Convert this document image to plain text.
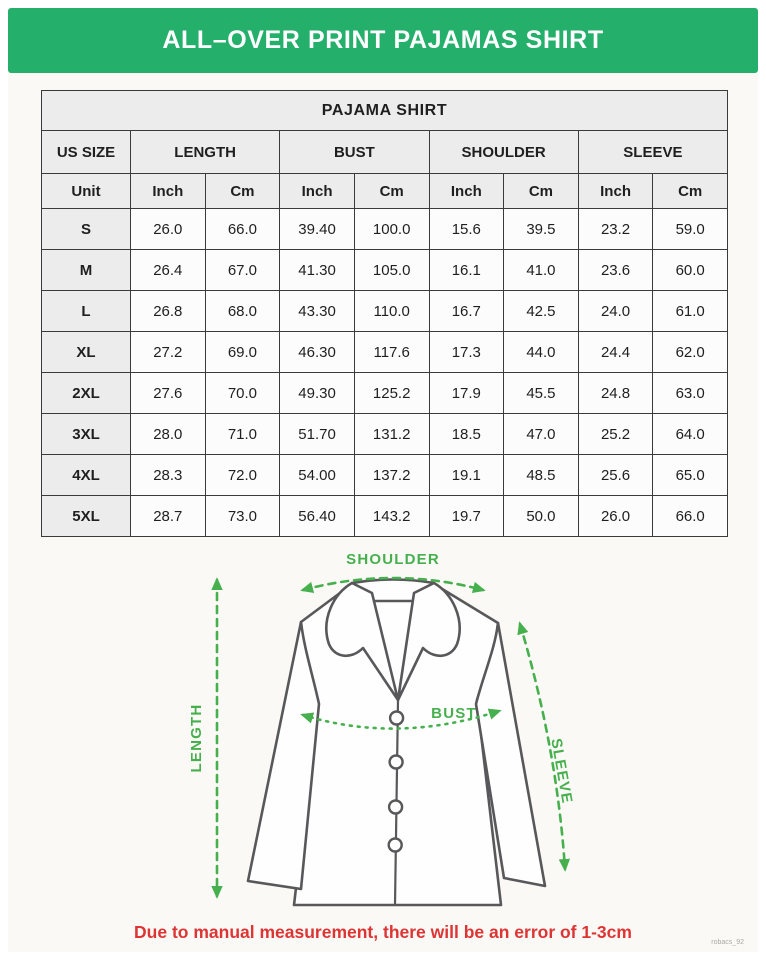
ALL–OVER PRINT PAJAMAS SHIRT
PAJAMA SHIRT								
US SIZE	LENGTH		BUST		SHOULDER		SLEEVE	
Unit	Inch	Cm	Inch	Cm	Inch	Cm	Inch	Cm
S	26.0	66.0	39.40	100.0	15.6	39.5	23.2	59.0
M	26.4	67.0	41.30	105.0	16.1	41.0	23.6	60.0
L	26.8	68.0	43.30	110.0	16.7	42.5	24.0	61.0
XL	27.2	69.0	46.30	117.6	17.3	44.0	24.4	62.0
2XL	27.6	70.0	49.30	125.2	17.9	45.5	24.8	63.0
3XL	28.0	71.0	51.70	131.2	18.5	47.0	25.2	64.0
4XL	28.3	72.0	54.00	137.2	19.1	48.5	25.6	65.0
5XL	28.7	73.0	56.40	143.2	19.7	50.0	26.0	66.0
SHOULDER
LENGTH	BUST
SLEEVE

Due to manual measurement, there will be an error of 1-3cm

robacs_92
